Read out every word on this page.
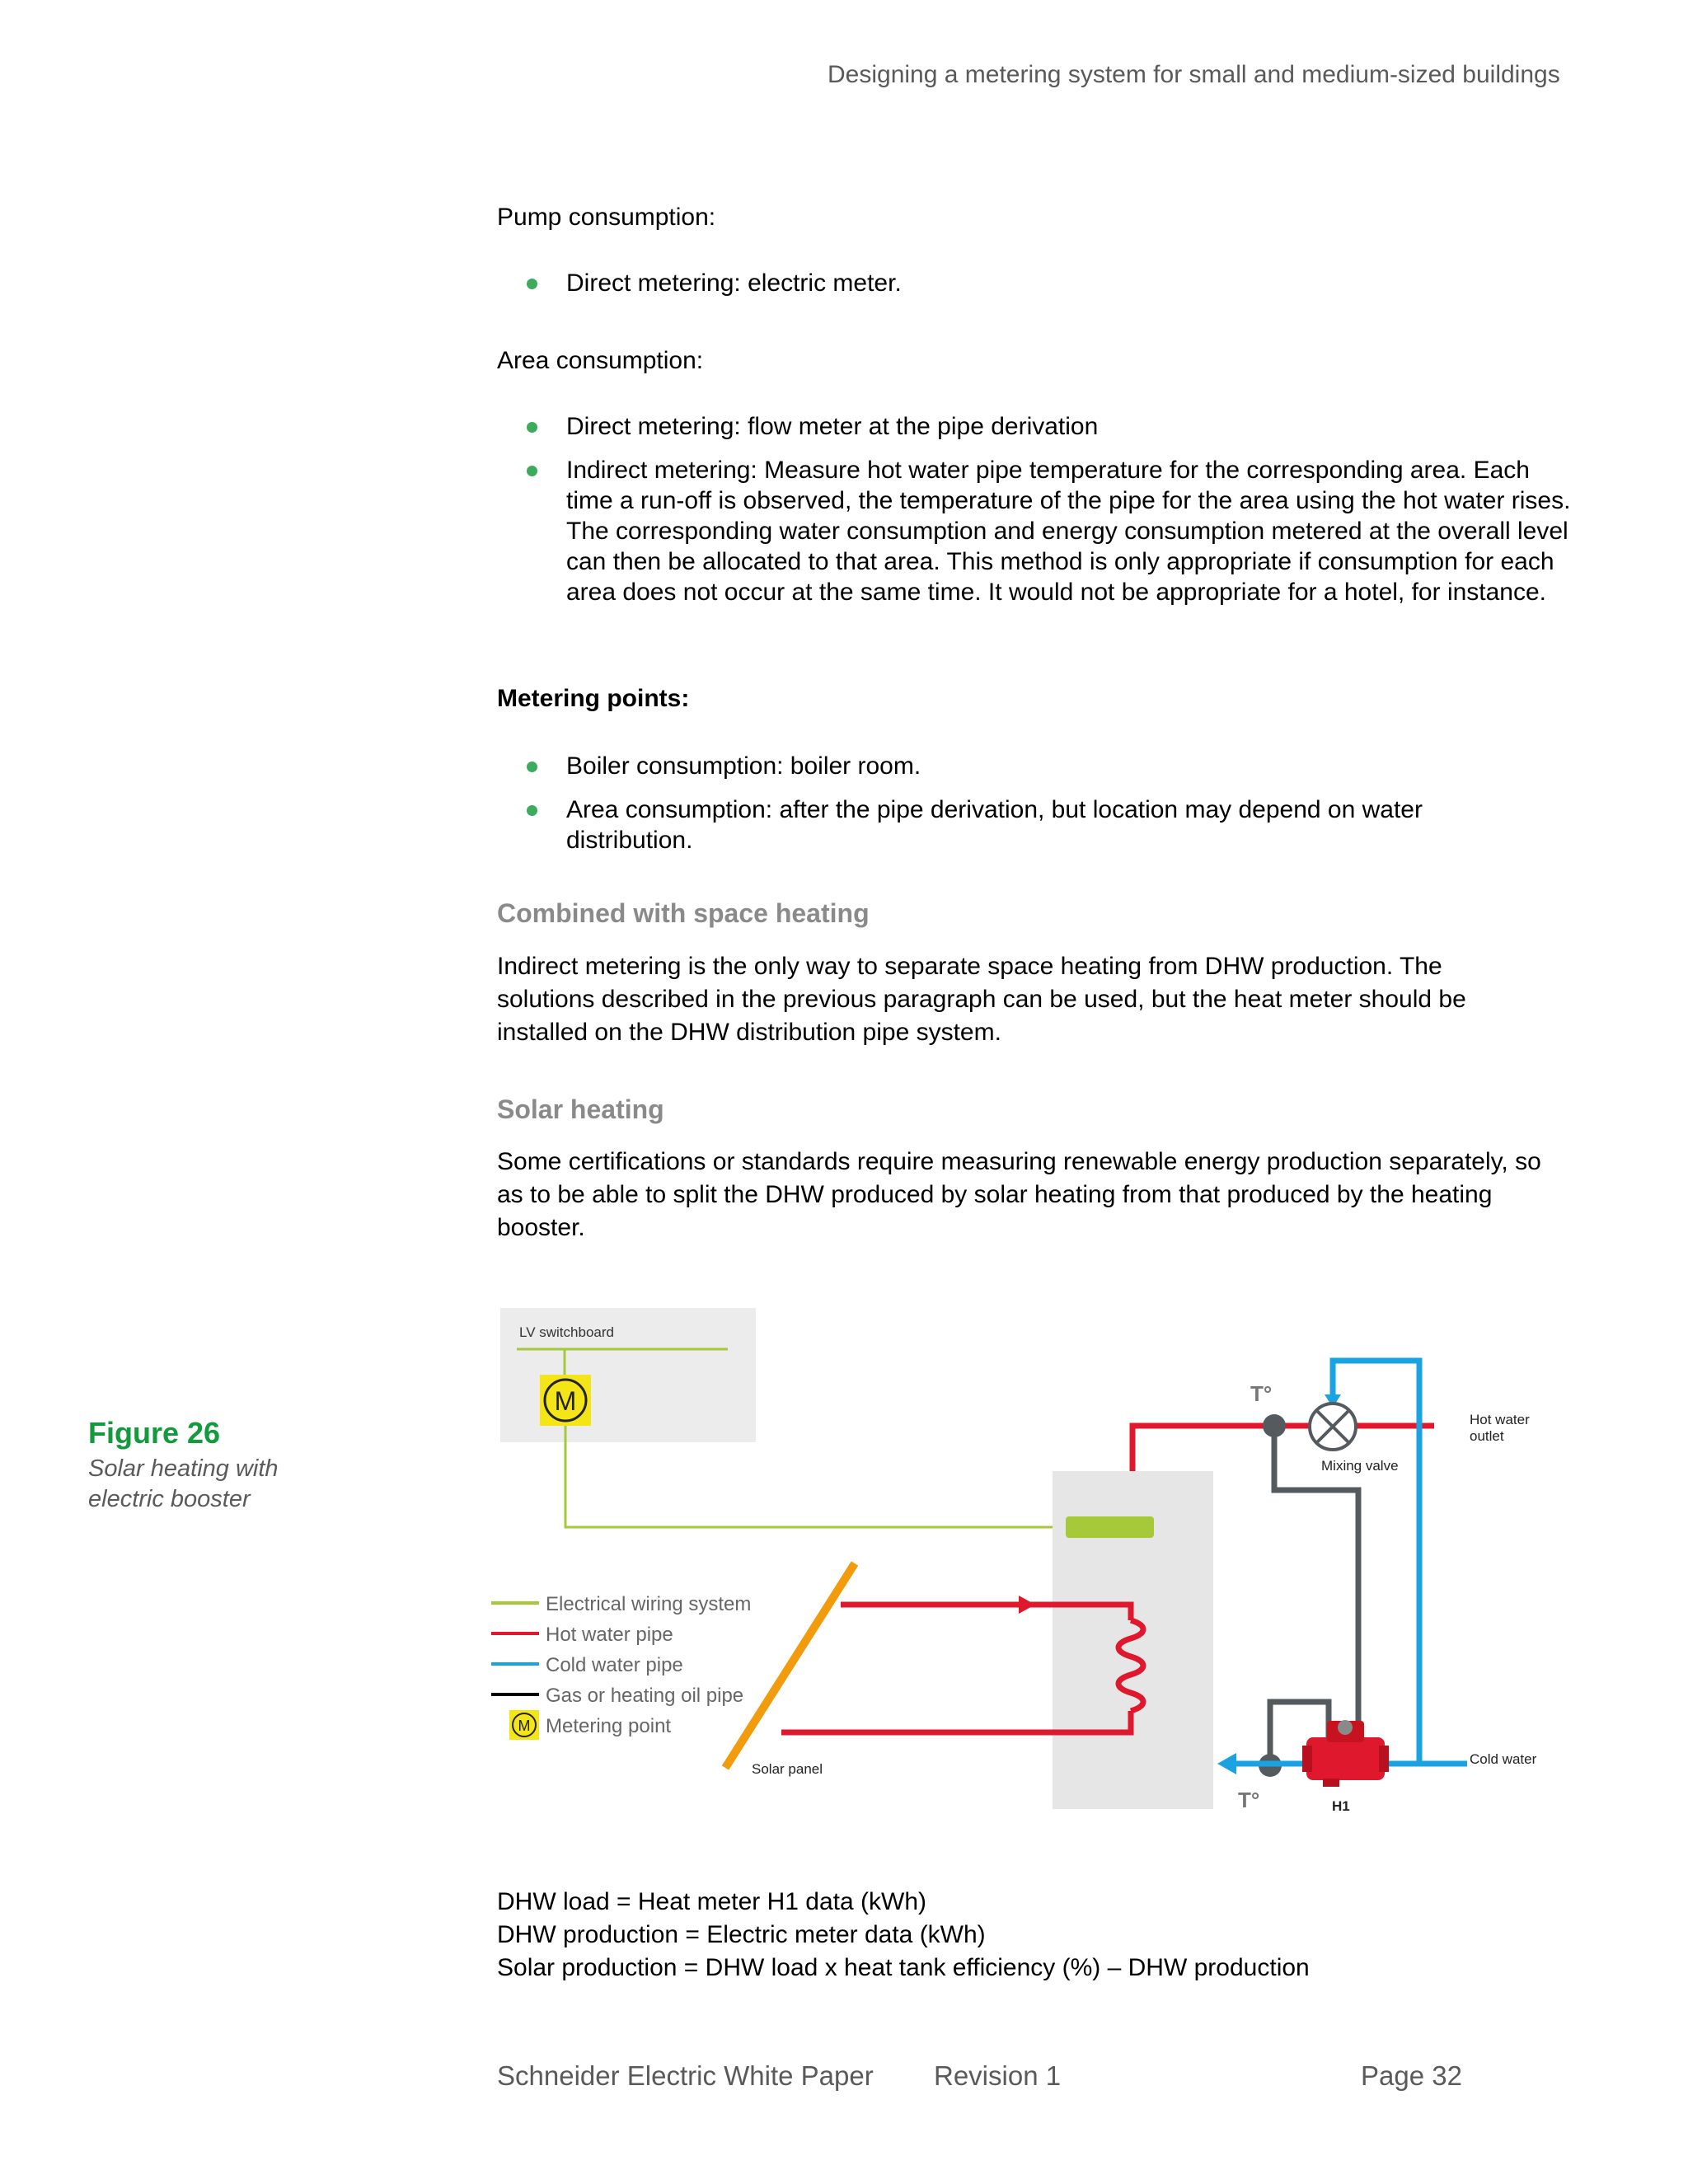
Designing a metering system for small and medium-sized buildings

Pump consumption:

Direct metering: electric meter.

Area consumption:

Direct metering: flow meter at the pipe derivation
Indirect metering: Measure hot water pipe temperature for the corresponding area. Each time a run-off is observed, the temperature of the pipe for the area using the hot water rises. The corresponding water consumption and energy consumption metered at the overall level can then be allocated to that area. This method is only appropriate if consumption for each area does not occur at the same time. It would not be appropriate for a hotel, for instance.

Metering points:

Boiler consumption: boiler room.
Area consumption: after the pipe derivation, but location may depend on water distribution.

Combined with space heating

Indirect metering is the only way to separate space heating from DHW production. The solutions described in the previous paragraph can be used, but the heat meter should be installed on the DHW distribution pipe system.

Solar heating

Some certifications or standards require measuring renewable energy production separately, so as to be able to split the DHW produced by solar heating from that produced by the heating booster.

Figure 26
Solar heating with electric booster
LV switchboard
M
Mixing valve
Hot water outlet
T°
T°
Cold water
H1
Solar panel
Electrical wiring system
Hot water pipe
Cold water pipe
Gas or heating oil pipe
M Metering point
DHW load = Heat meter H1 data (kWh)
DHW production = Electric meter data (kWh)
Solar production = DHW load x heat tank efficiency (%) – DHW production
Schneider Electric White Paper Revision 1	Page 32
